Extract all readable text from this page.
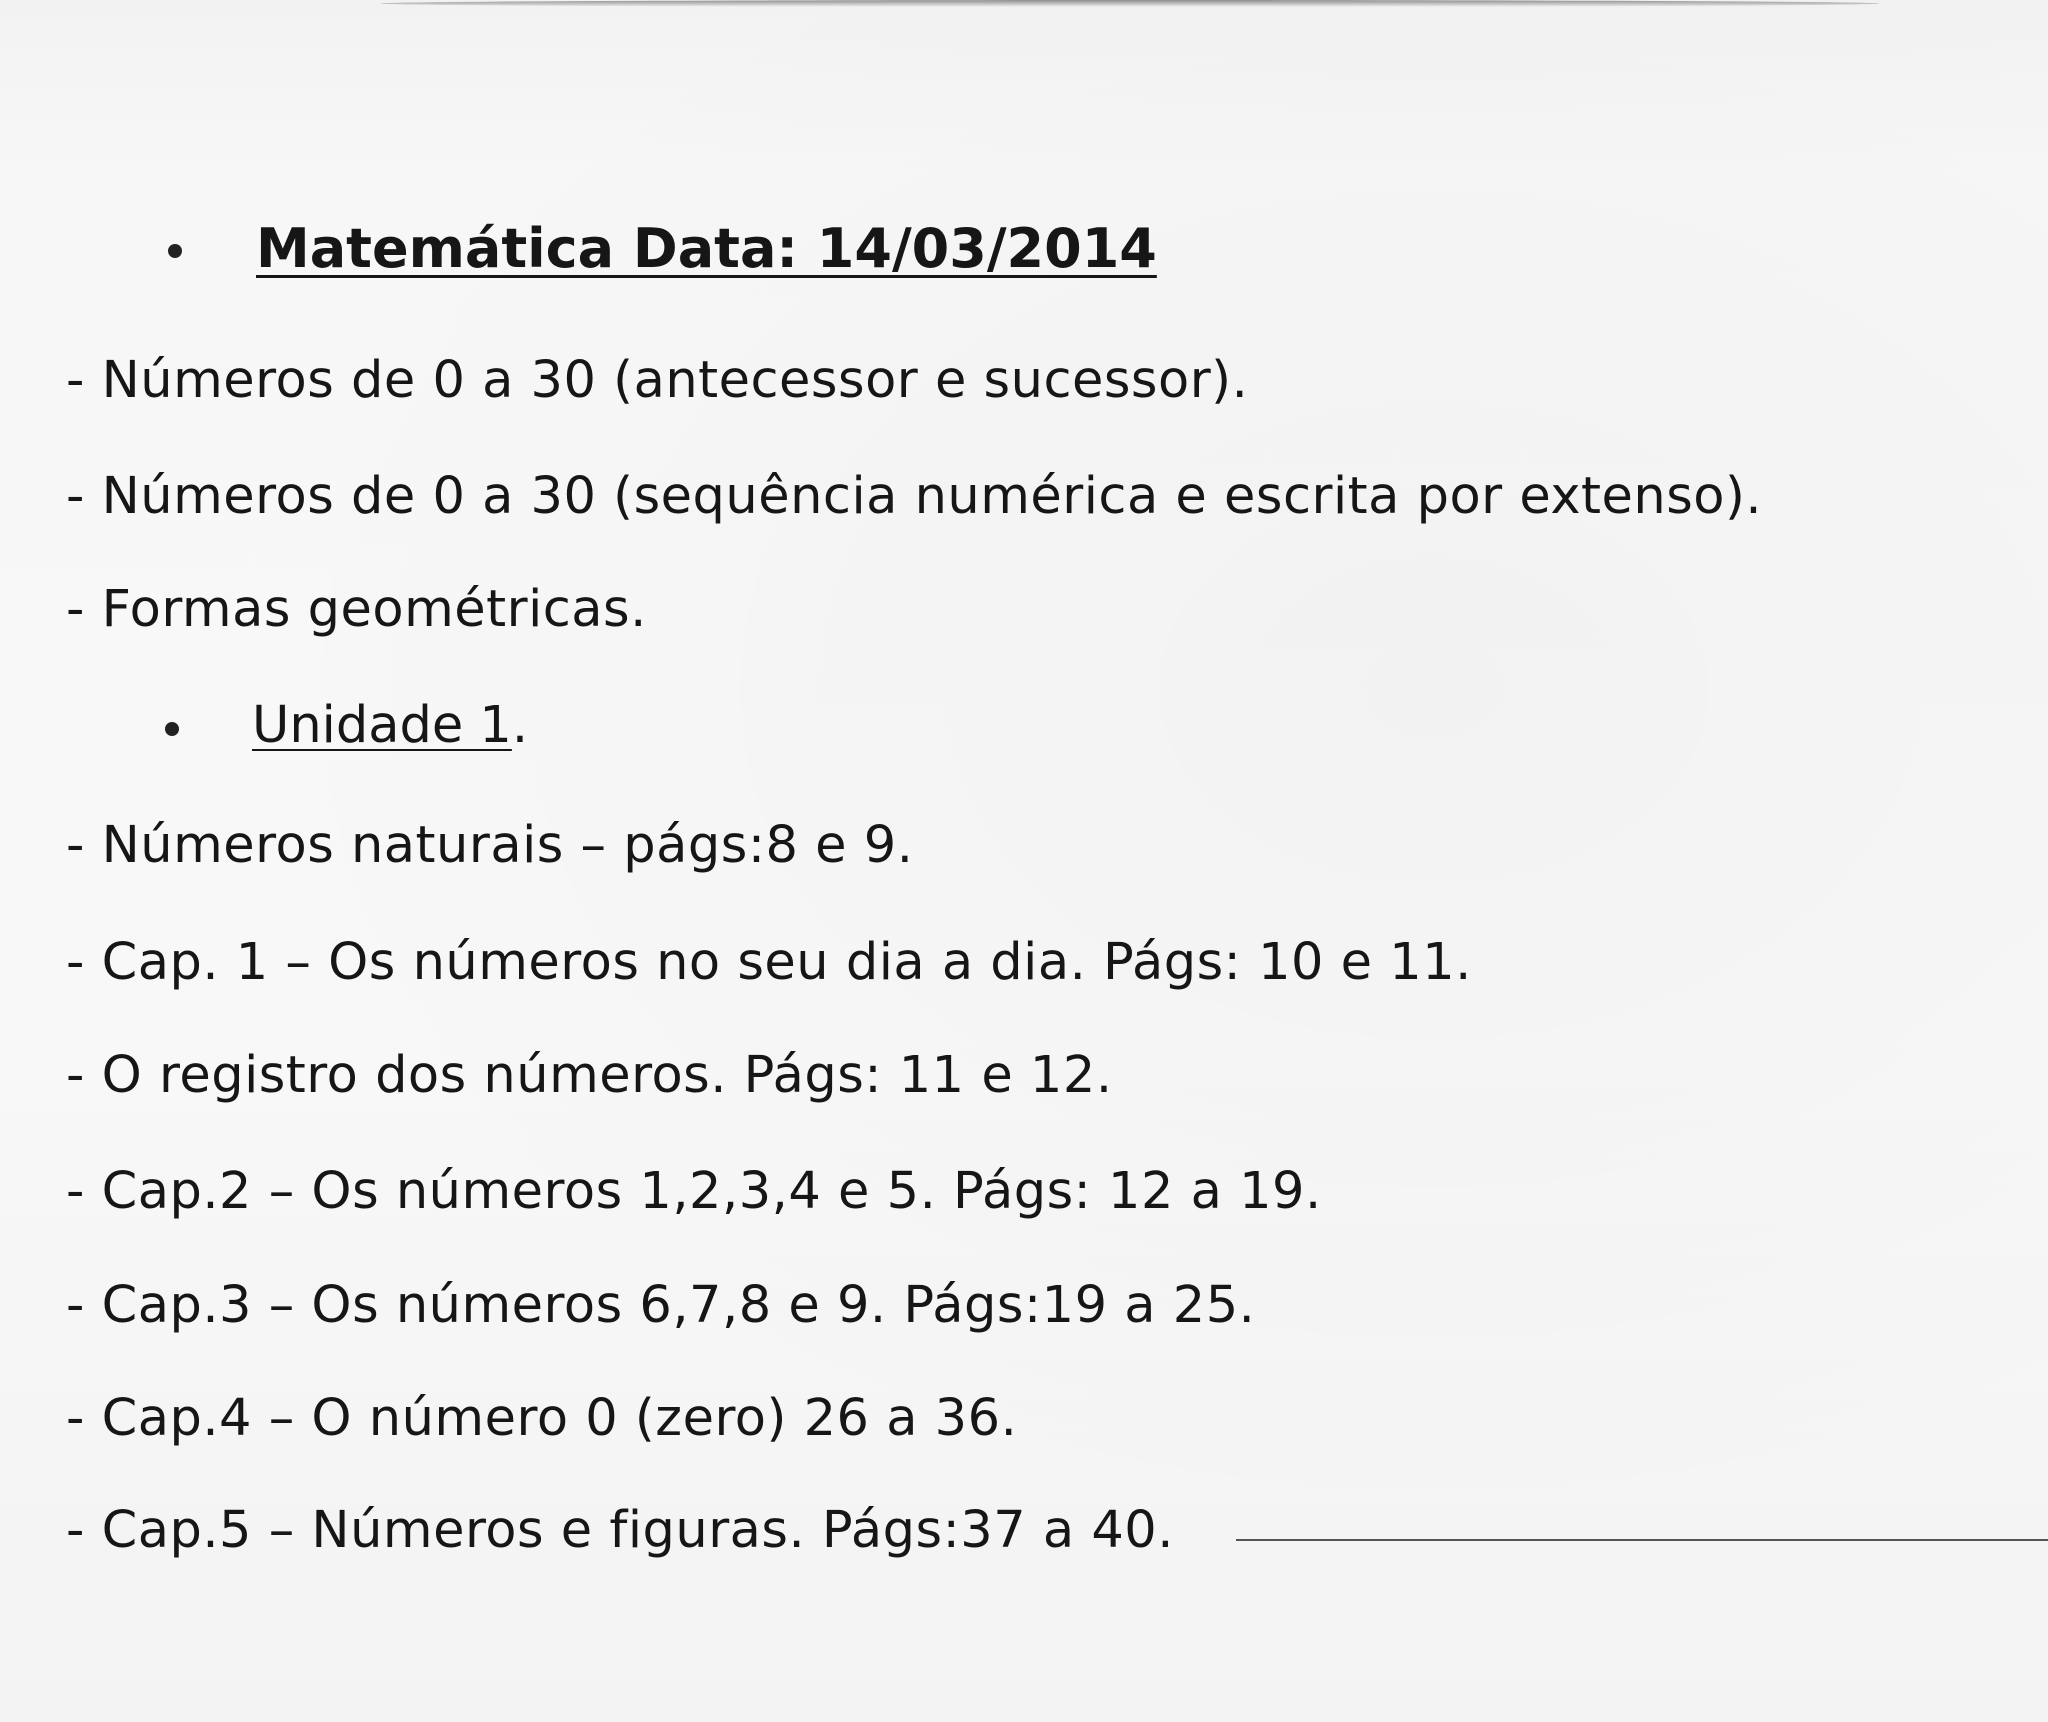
Matemática Data: 14/03/2014
- Números de 0 a 30 (antecessor e sucessor).
- Números de 0 a 30 (sequência numérica e escrita por extenso).
- Formas geométricas.
Unidade 1.
- Números naturais – págs:8 e 9.
- Cap. 1 – Os números no seu dia a dia. Págs: 10 e 11.
- O registro dos números. Págs: 11 e 12.
- Cap.2 – Os números 1,2,3,4 e 5. Págs: 12 a 19.
- Cap.3 – Os números 6,7,8 e 9. Págs:19 a 25.
- Cap.4 – O número 0 (zero) 26 a 36.
- Cap.5 – Números e figuras. Págs:37 a 40.
